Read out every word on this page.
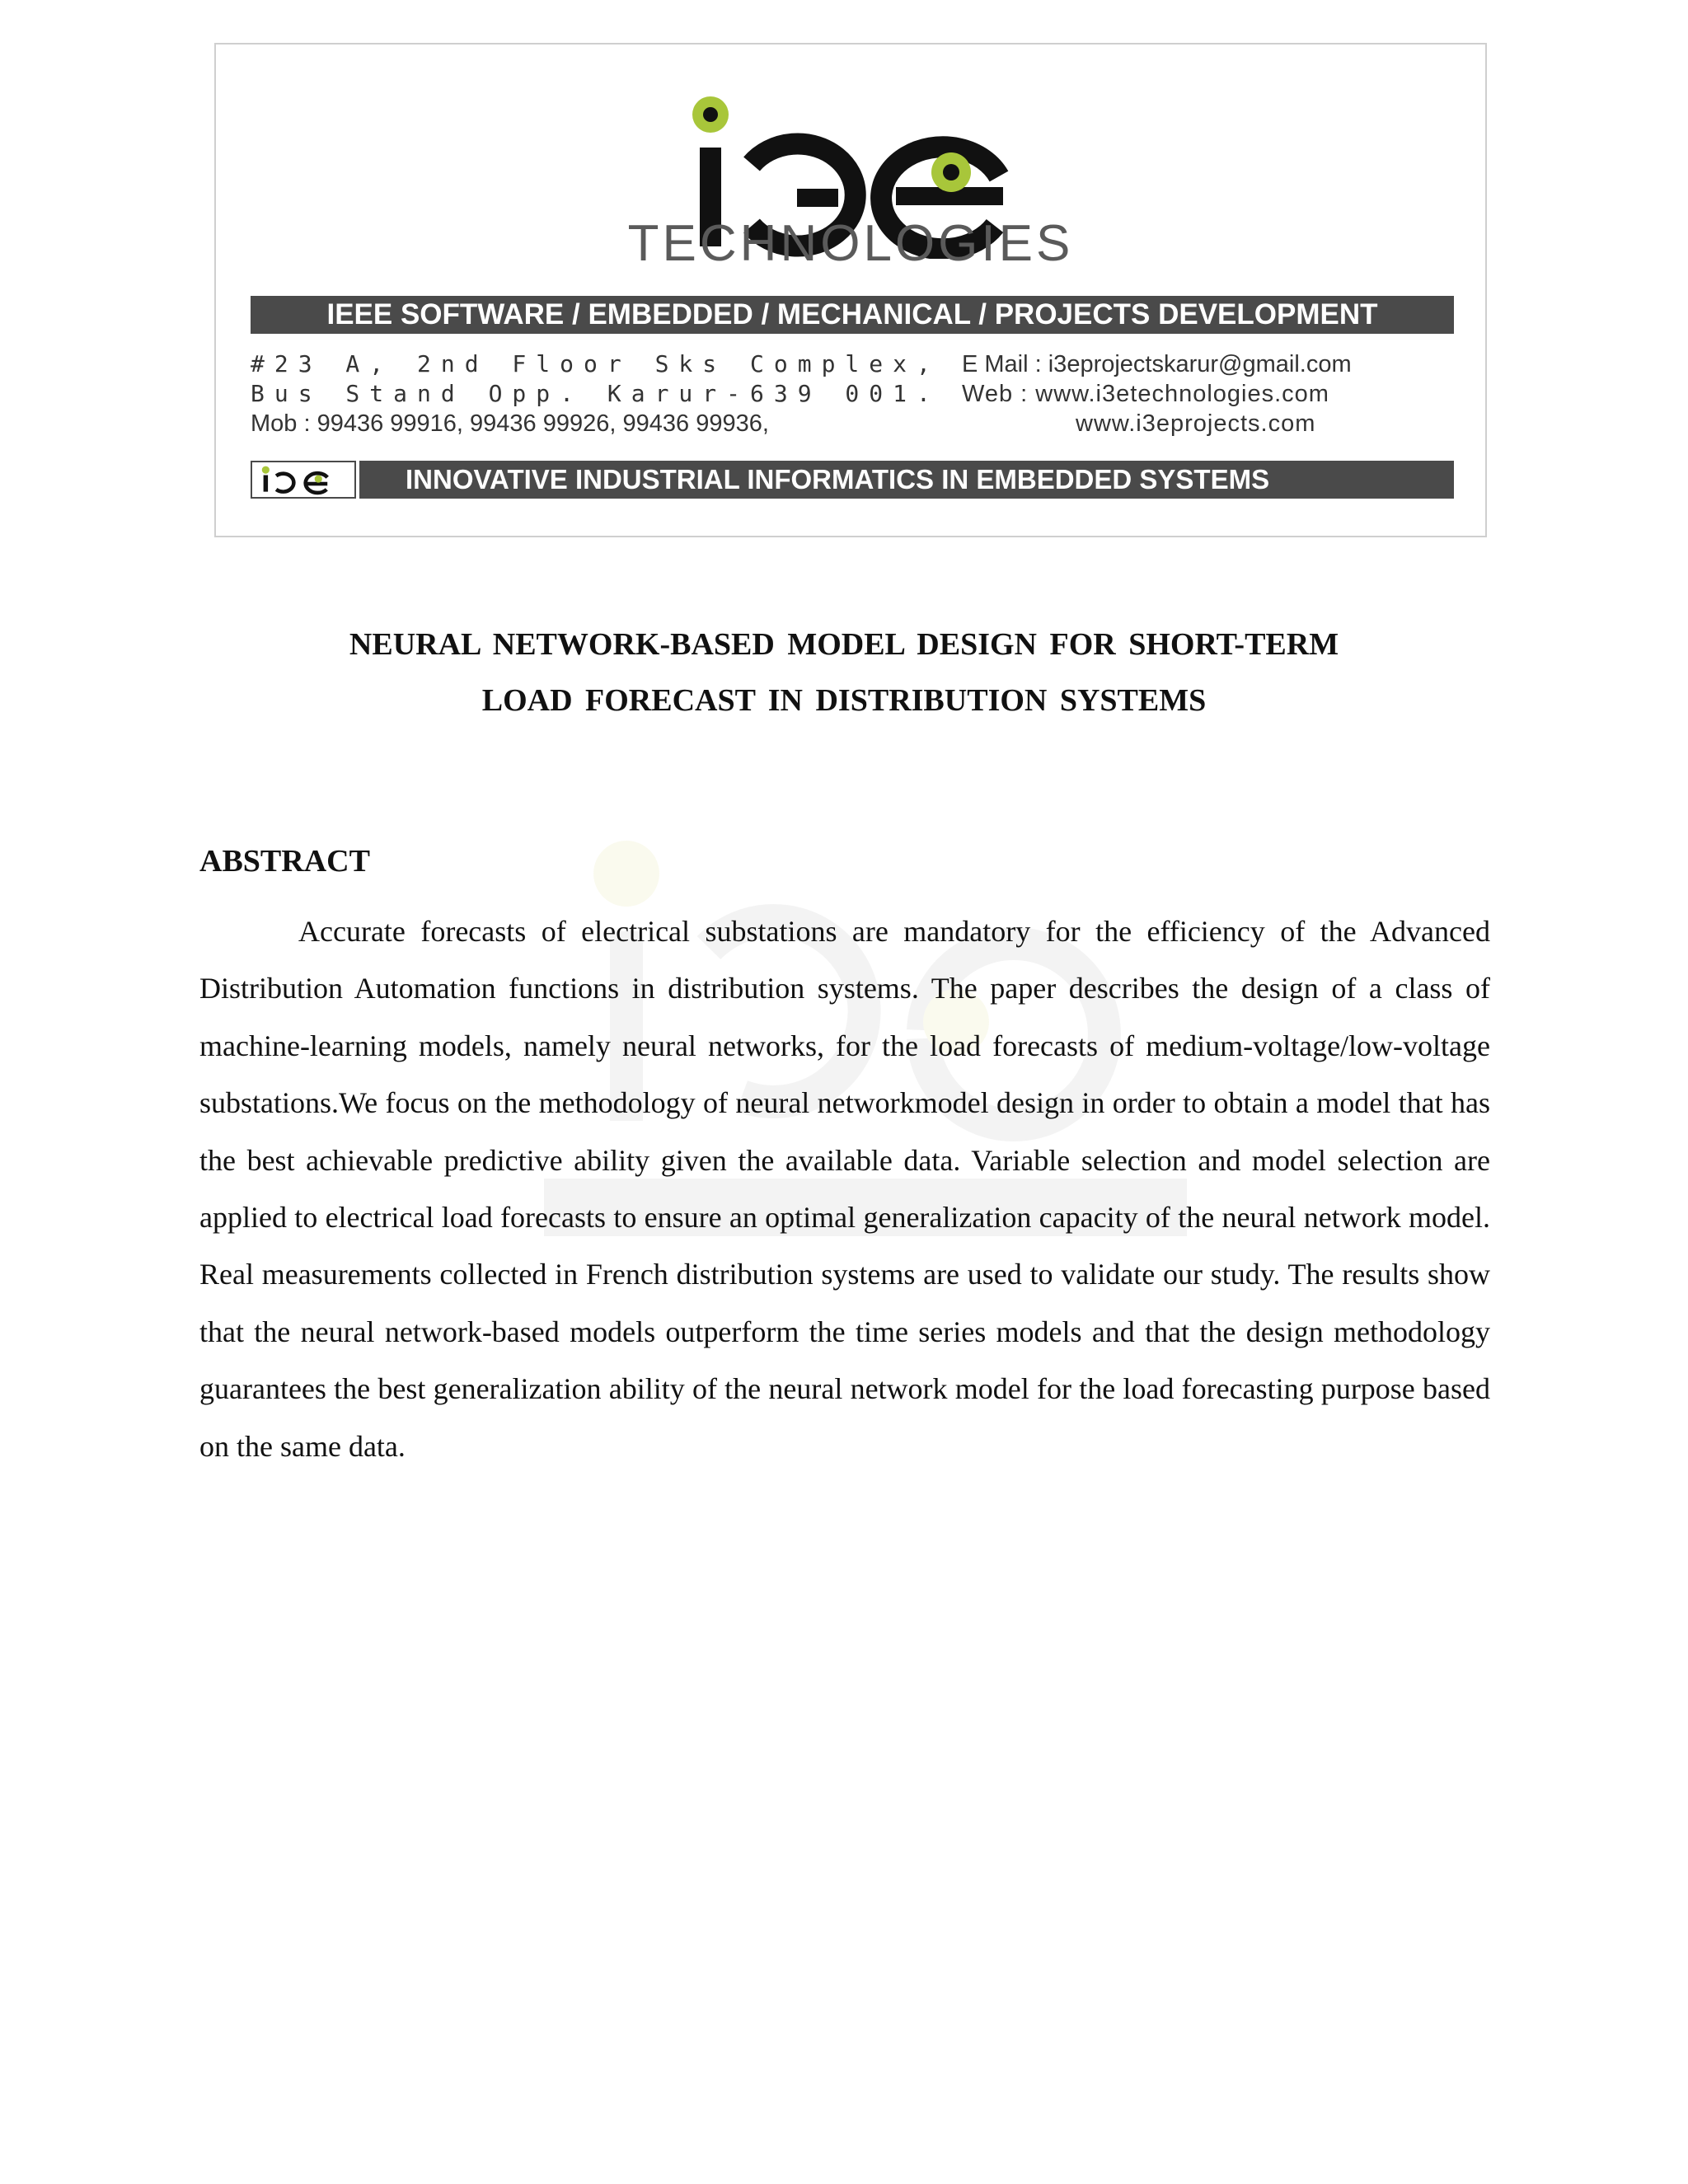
TECHNOLOGIES
IEEE SOFTWARE / EMBEDDED / MECHANICAL / PROJECTS DEVELOPMENT
#23 A, 2nd Floor Sks Complex,
Bus Stand Opp. Karur-639 001.
Mob : 99436 99916, 99436 99926, 99436 99936,
E Mail : i3eprojectskarur@gmail.com
Web : www.i3etechnologies.com
www.i3eprojects.com
INNOVATIVE INDUSTRIAL INFORMATICS IN EMBEDDED SYSTEMS
NEURAL NETWORK-BASED MODEL DESIGN FOR SHORT-TERM
LOAD FORECAST IN DISTRIBUTION SYSTEMS
ABSTRACT

Accurate forecasts of electrical substations are mandatory for the efficiency of the Advanced Distribution Automation functions in distribution systems. The paper describes the design of a class of machine-learning models, namely neural networks, for the load forecasts of medium-voltage/low-voltage substations.We focus on the methodology of neural networkmodel design in order to obtain a model that has the best achievable predictive ability given the available data. Variable selection and model selection are applied to electrical load forecasts to ensure an optimal generalization capacity of the neural network model. Real measurements collected in French distribution systems are used to validate our study. The results show that the neural network-based models outperform the time series models and that the design methodology guarantees the best generalization ability of the neural network model for the load forecasting purpose based on the same data.
